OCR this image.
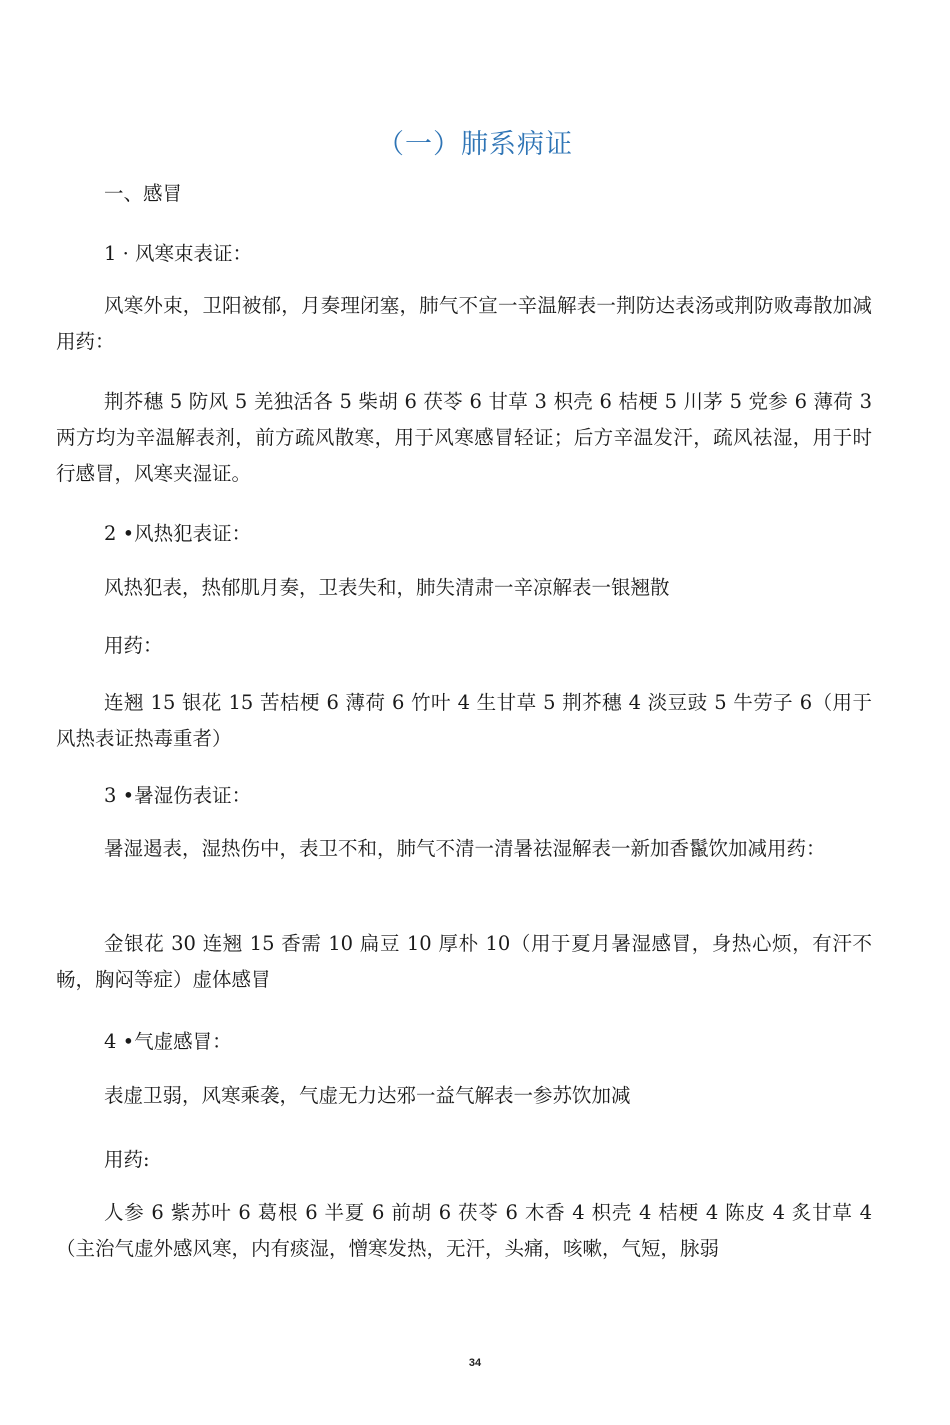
（一）肺系病证
一、感冒
1 · 风寒束表证：
风寒外束，卫阳被郁，月奏理闭塞，肺气不宣一辛温解表一荆防达表汤或荆防败毒散加减用药：
荆芥穗 5 防风 5 羌独活各 5 柴胡 6 茯苓 6 甘草 3 枳壳 6 桔梗 5 川茅 5 党参 6 薄荷 3 两方均为辛温解表剂，前方疏风散寒，用于风寒感冒轻证；后方辛温发汗，疏风祛湿，用于时行感冒，风寒夹湿证。
2 •风热犯表证：
风热犯表，热郁肌月奏，卫表失和，肺失清肃一辛凉解表一银翘散
用药：
连翘 15 银花 15 苦桔梗 6 薄荷 6 竹叶 4 生甘草 5 荆芥穗 4 淡豆豉 5 牛劳子 6（用于风热表证热毒重者）
3 •暑湿伤表证：
暑湿遏表，湿热伤中，表卫不和，肺气不清一清暑祛湿解表一新加香鬣饮加减用药：
金银花 30 连翘 15 香需 10 扁豆 10 厚朴 10（用于夏月暑湿感冒，身热心烦，有汗不畅，胸闷等症）虚体感冒
4 •气虚感冒：
表虚卫弱，风寒乘袭，气虚无力达邪一益气解表一参苏饮加减
用药:
人参 6 紫苏叶 6 葛根 6 半夏 6 前胡 6 茯苓 6 木香 4 枳壳 4 桔梗 4 陈皮 4 炙甘草 4（主治气虚外感风寒，内有痰湿，憎寒发热，无汗，头痛，咳嗽，气短，脉弱
34
